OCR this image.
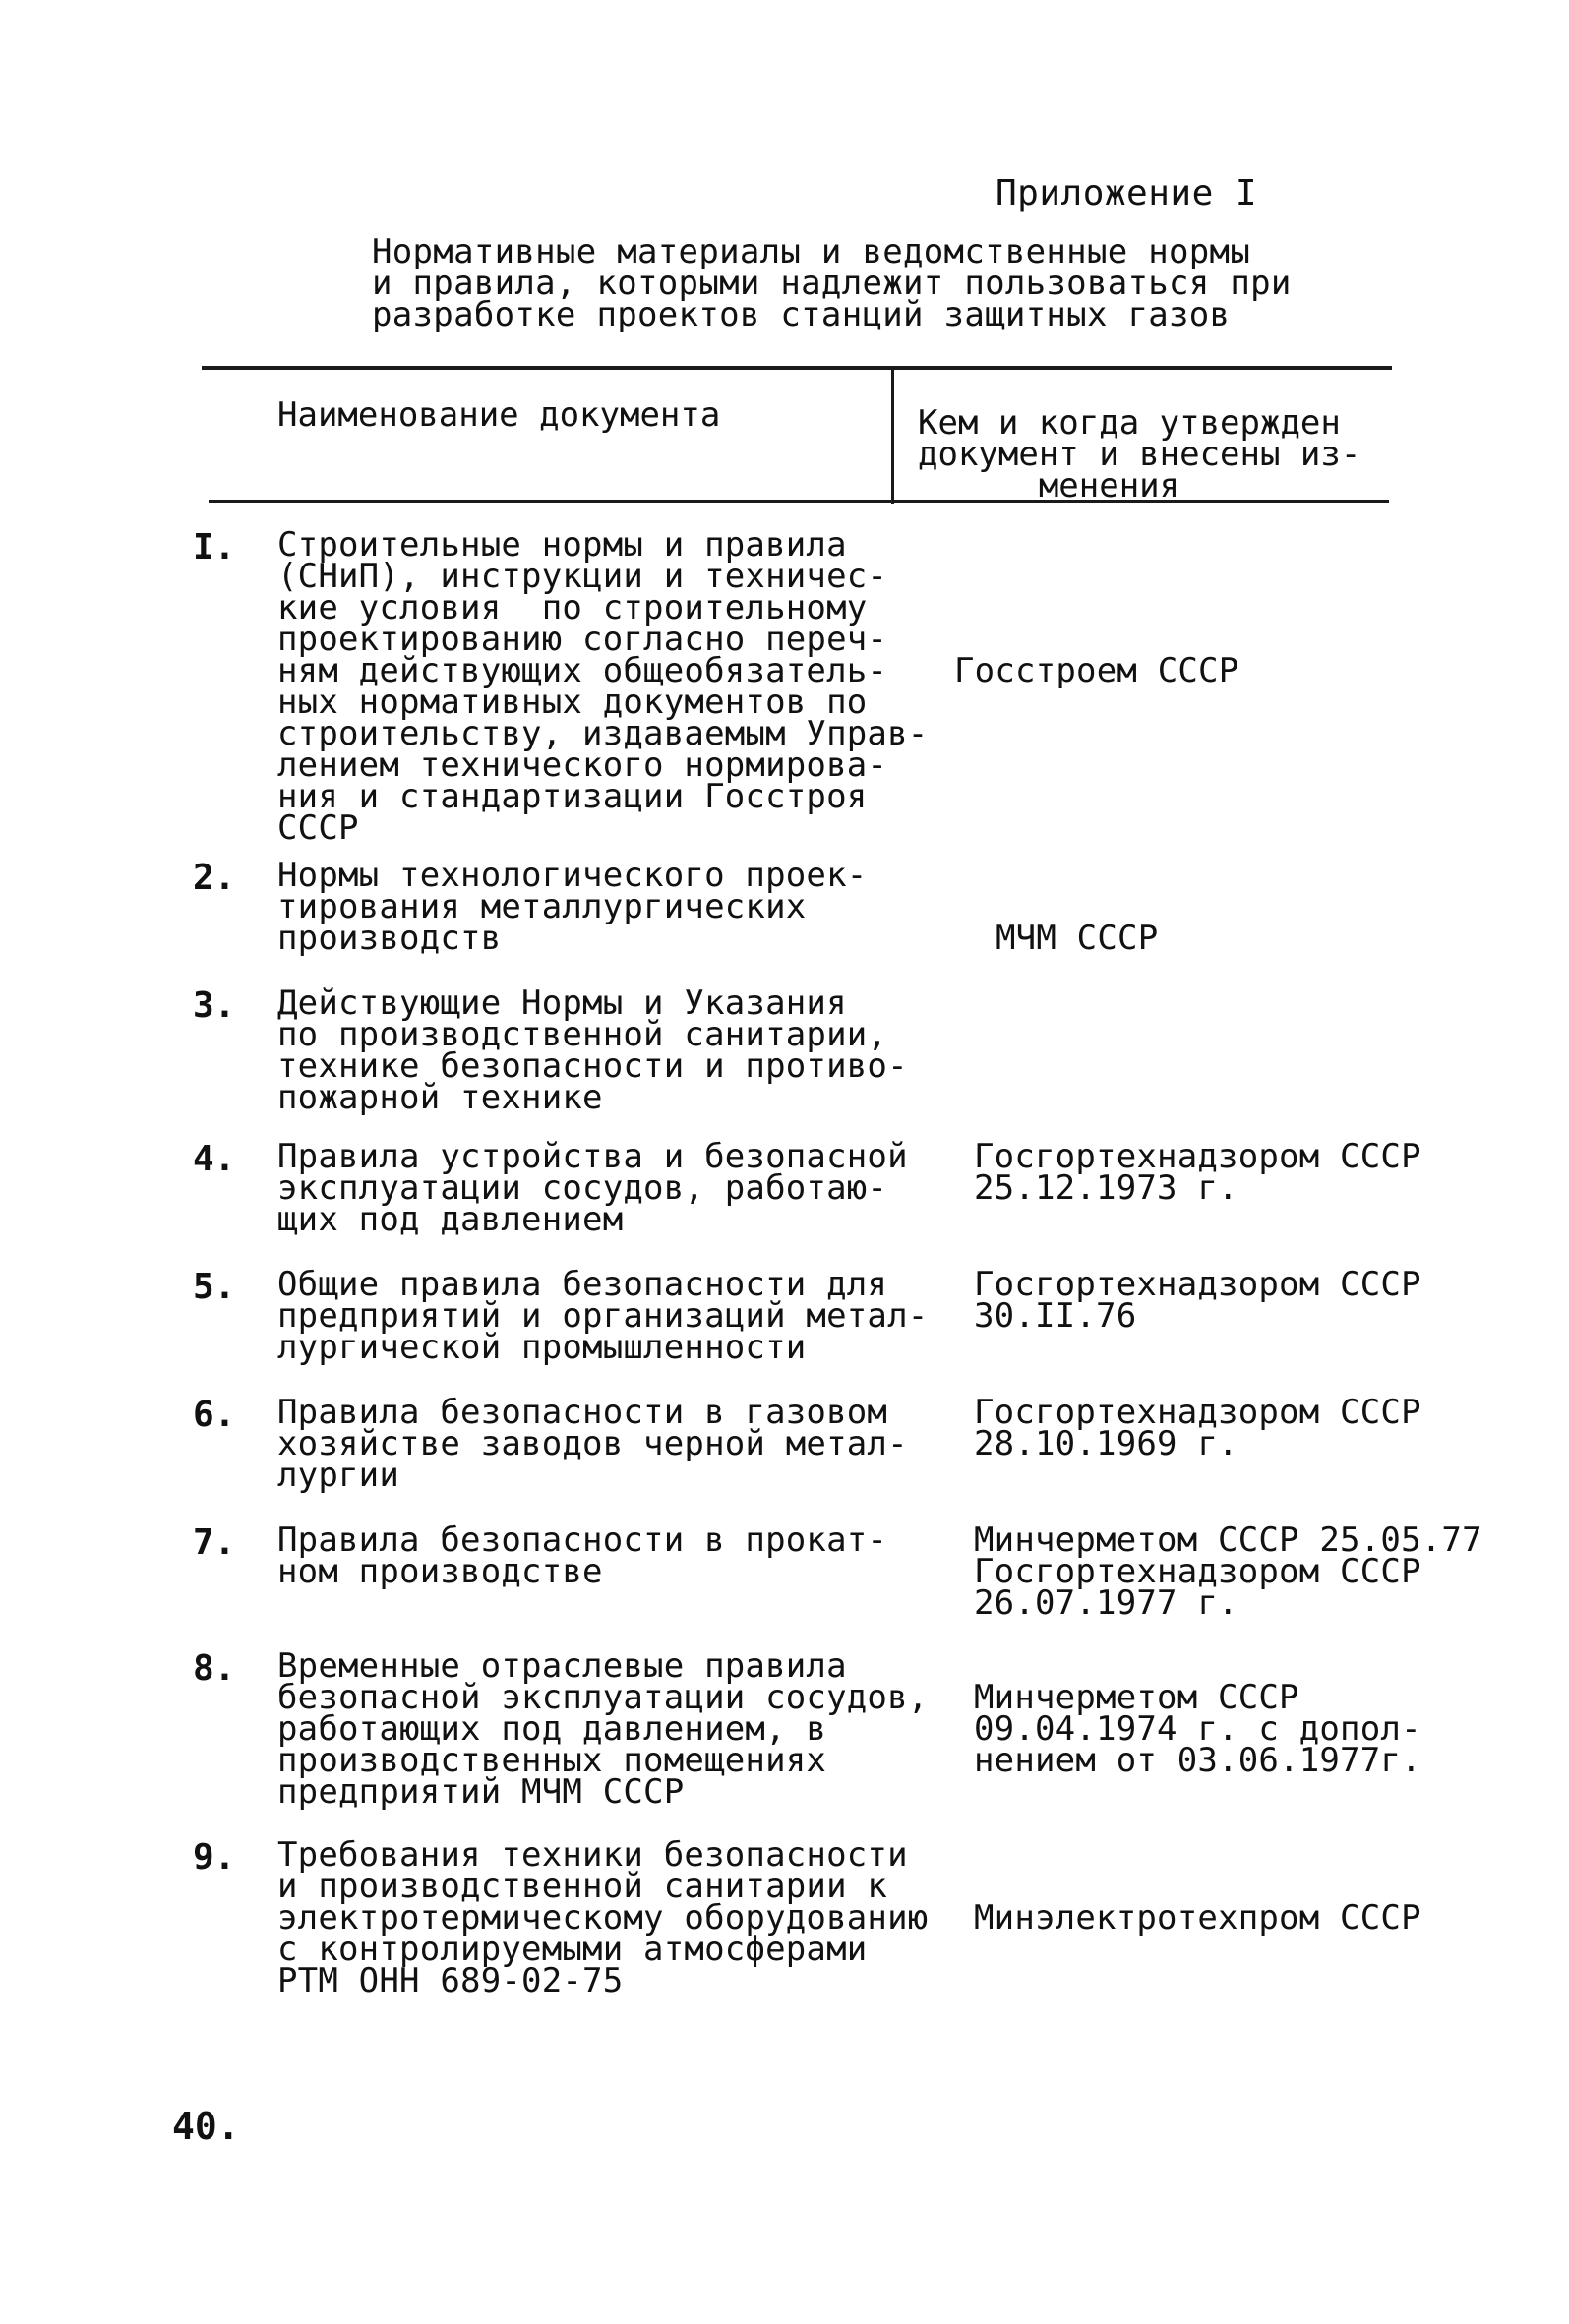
Приложение I
Нормативные материалы и ведомственные нормы
и правила, которыми надлежит пользоваться при
разработке проектов станций защитных газов
Наименование документа	Кем и когда утвержден
документ и внесены из-
менения
I. Строительные нормы и правила
(СНиП), инструкции и техничес-
кие условия  по строительному
проектированию согласно переч-
ням действующих общеобязатель-
ных нормативных документов по
строительству, издаваемым Управ-
лением технического нормирова-
ния и стандартизации Госстроя
СССР
Госстроем СССР
2. Нормы технологического проек-
тирования металлургических
производств	МЧМ СССР
3. Действующие Нормы и Указания
по производственной санитарии,
технике безопасности и противо-
пожарной технике
4. Правила устройства и безопасной
эксплуатации сосудов, работаю-
щих под давлением
Госгортехнадзором СССР
25.12.1973 г.
5. Общие правила безопасности для
предприятий и организаций метал-
лургической промышленности
Госгортехнадзором СССР
30.II.76
6. Правила безопасности в газовом
хозяйстве заводов черной метал-
лургии
Госгортехнадзором СССР
28.10.1969 г.
7. Правила безопасности в прокат-
ном производстве
Минчерметом СССР 25.05.77
Госгортехнадзором СССР
26.07.1977 г.
8. Временные отраслевые правила
безопасной эксплуатации сосудов,
работающих под давлением, в
производственных помещениях
предприятий МЧМ СССР
Минчерметом СССР
09.04.1974 г. с допол-
нением от 03.06.1977г.
9. Требования техники безопасности
и производственной санитарии к
электротермическому оборудованию
с контролируемыми атмосферами
РТМ ОНН 689-02-75
Минэлектротехпром СССР
40.
